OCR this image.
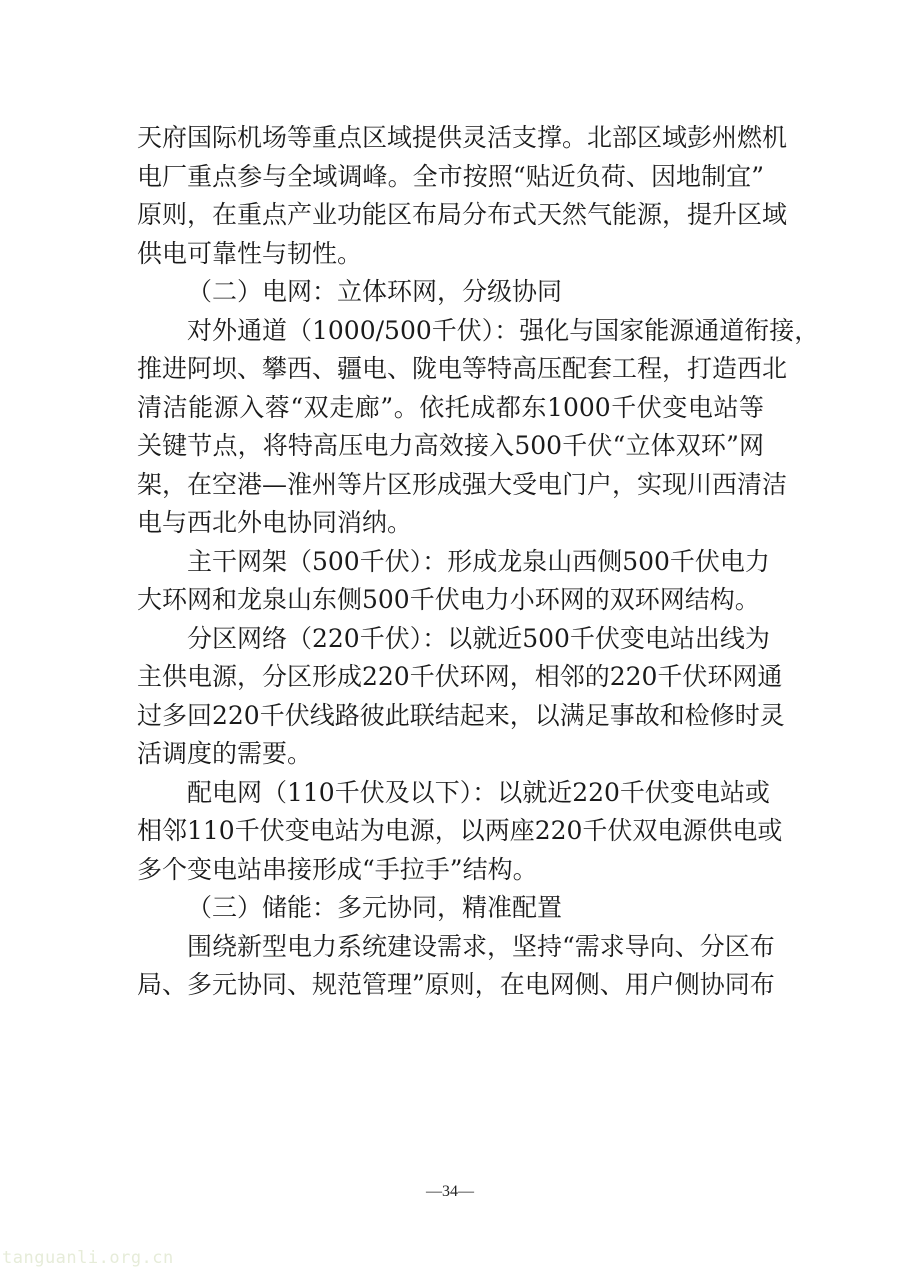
天府国际机场等重点区域提供灵活支撑。北部区域彭州燃机
电厂重点参与全域调峰。全市按照“贴近负荷、因地制宜”
原则，在重点产业功能区布局分布式天然气能源，提升区域
供电可靠性与韧性。
（二）电网：立体环网，分级协同
对外通道（1000/500千伏）：强化与国家能源通道衔接，
推进阿坝、攀西、疆电、陇电等特高压配套工程，打造西北
清洁能源入蓉“双走廊”。依托成都东1000千伏变电站等
关键节点，将特高压电力高效接入500千伏“立体双环”网
架，在空港—淮州等片区形成强大受电门户，实现川西清洁
电与西北外电协同消纳。
主干网架（500千伏）：形成龙泉山西侧500千伏电力
大环网和龙泉山东侧500千伏电力小环网的双环网结构。
分区网络（220千伏）：以就近500千伏变电站出线为
主供电源，分区形成220千伏环网，相邻的220千伏环网通
过多回220千伏线路彼此联结起来，以满足事故和检修时灵
活调度的需要。
配电网（110千伏及以下）：以就近220千伏变电站或
相邻110千伏变电站为电源，以两座220千伏双电源供电或
多个变电站串接形成“手拉手”结构。
（三）储能：多元协同，精准配置
围绕新型电力系统建设需求，坚持“需求导向、分区布
局、多元协同、规范管理”原则，在电网侧、用户侧协同布
—34—
tanguanli.org.cn
